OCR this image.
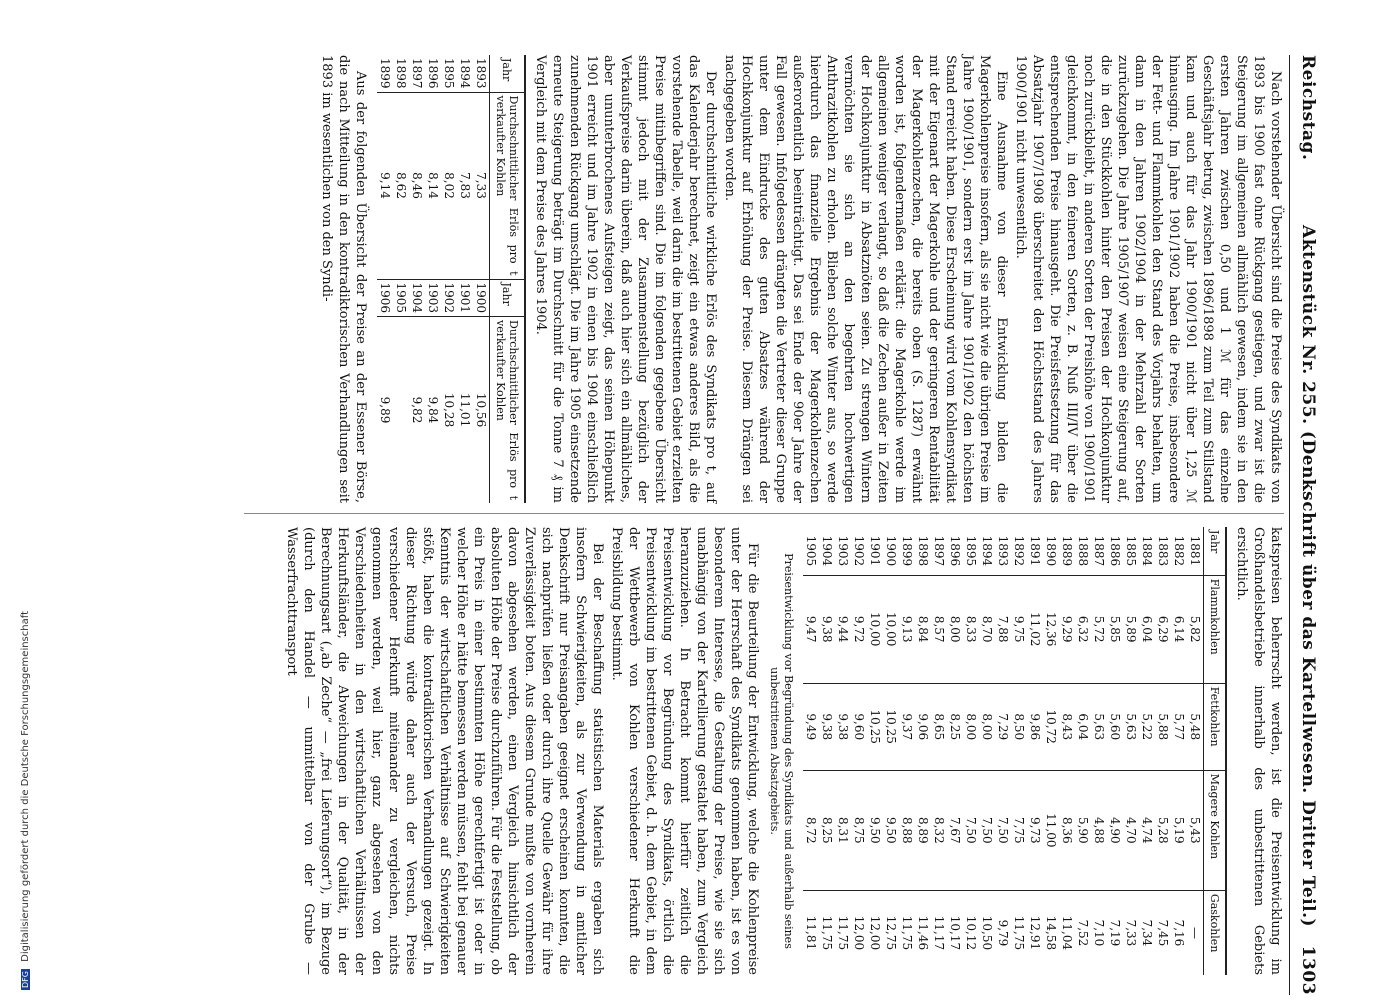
Reichstag.
Aktenstück Nr. 255. (Denkschrift über das Kartellwesen. Dritter Teil.)
1303

Nach vorstehender Übersicht sind die Preise des Syndikats von 1893 bis 1900 fast ohne Rückgang gestiegen, und zwar ist die Steigerung im allgemeinen allmählich gewesen, indem sie in den ersten Jahren zwischen 0,50 und 1 ℳ für das einzelne Geschäftsjahr betrug, zwischen 1896/1898 zum Teil zum Stillstand kam und auch für das Jahr 1900/1901 nicht über 1,25 ℳ hinausging. Im Jahre 1901/1902 haben die Preise, insbesondere der Fett- und Flammkohlen den Stand des Vorjahrs behalten, um dann in den Jahren 1902/1904 in der Mehrzahl der Sorten zurückzugehen. Die Jahre 1905/1907 weisen eine Steigerung auf, die in den Stückkohlen hinter den Preisen der Hochkonjunktur noch zurückbleibt, in anderen Sorten der Preishöhe von 1900/1901 gleichkommt, in den feineren Sorten, z. B. Nuß III/IV über die entsprechenden Preise hinausgeht. Die Preisfestsetzung für das Absatzjahr 1907/1908 überschreitet den Höchststand des Jahres 1900/1901 nicht unwesentlich.

Eine Ausnahme von dieser Entwicklung bilden die Magerkohlenpreise insofern, als sie nicht wie die übrigen Preise im Jahre 1900/1901, sondern erst im Jahre 1901/1902 den höchsten Stand erreicht haben. Diese Erscheinung wird vom Kohlensyndikat mit der Eigenart der Magerkohle und der geringeren Rentabilität der Magerkohlenzechen, die bereits oben (S. 1287) erwähnt worden ist, folgendermaßen erklärt: die Magerkohle werde im allgemeinen weniger verlangt, so daß die Zechen außer in Zeiten der Hochkonjunktur in Absatznöten seien. Zu strengen Wintern vermöchten sie sich an den begehrten hochwertigen Anthrazitkohlen zu erholen. Blieben solche Winter aus, so werde hierdurch das finanzielle Ergebnis der Magerkohlenzechen außerordentlich beeinträchtigt. Das sei Ende der 90er Jahre der Fall gewesen. Infolgedessen drängten die Vertreter dieser Gruppe unter dem Eindrucke des guten Absatzes während der Hochkonjunktur auf Erhöhung der Preise. Diesem Drängen sei nachgegeben worden.

Der durchschnittliche wirkliche Erlös des Syndikats pro t, auf das Kalenderjahr berechnet, zeigt ein etwas anderes Bild, als die vorstehende Tabelle, weil darin die im bestrittenen Gebiet erzielten Preise mitinbegriffen sind. Die im folgenden gegebene Übersicht stimmt jedoch mit der Zusammenstellung bezüglich der Verkaufspreise darin überein, daß auch hier sich ein allmähliches, aber ununterbrochenes Aufsteigen zeigt, das seinen Höhepunkt 1901 erreicht und im Jahre 1902 in einen bis 1904 einschließlich zunehmenden Rückgang umschlägt. Die im Jahre 1905 einsetzende erneute Steigerung beträgt im Durchschnitt für die Tonne 7 ₰ im Vergleich mit dem Preise des Jahres 1904.

Jahr	Durchschnittlicher Erlös pro t verkaufter Kohlen	Jahr	Durchschnittlicher Erlös pro t verkaufter Kohlen
1893	7,33	1900	10,56
1894	7,83	1901	11,01
1895	8,02	1902	10,28
1896	8,14	1903	9,84
1897	8,46	1904	9,82
1898	8,62	1905	
1899	9,14	1906	9,89

Aus der folgenden Übersicht der Preise an der Essener Börse, die nach Mitteilung in den kontradiktorischen Verhandlungen seit 1893 im wesentlichen von den Syndi-

katspreisen beherrscht werden, ist die Preisentwicklung im Großhandelsbetriebe innerhalb des unbestrittenen Gebiets ersichtlich.

Jahr	Flammkohlen	Fettkohlen	Magere Kohlen	Gaskohlen
1881	5,82	5,48	5,43	—
1882	6,14	5,77	5,19	7,16
1883	6,29	5,88	5,28	7,45
1884	6,04	5,22	4,74	7,34
1885	5,89	5,63	4,70	7,33
1886	5,85	5,60	4,90	7,19
1887	5,72	5,63	4,88	7,10
1888	6,32	6,04	5,90	7,52
1889	9,29	8,43	8,36	11,04
1890	12,36	10,72	11,00	14,58
1891	11,02	9,86	9,73	12,91
1892	9,75	8,50	7,75	11,75
1893	7,88	7,29	7,50	9,79
1894	8,70	8,00	7,50	10,50
1895	8,33	8,00	7,50	10,12
1896	8,00	8,25	7,67	10,17
1897	8,57	8,65	8,32	11,17
1898	8,84	9,06	8,89	11,46
1899	9,13	9,37	8,88	11,75
1900	10,00	10,25	9,50	12,75
1901	10,00	10,25	9,50	12,00
1902	9,72	9,60	8,75	12,00
1903	9,44	9,38	8,31	11,75
1904	9,38	9,38	8,25	11,75
1905	9,47	9,49	8,72	11,81

Preisentwicklung vor Begründung des Syndikats und außerhalb seines unbestrittenen Absatzgebiets.

Für die Beurteilung der Entwicklung, welche die Kohlenpreise unter der Herrschaft des Syndikats genommen haben, ist es von besonderem Interesse, die Gestaltung der Preise, wie sie sich unabhängig von der Kartellierung gestaltet haben, zum Vergleich heranzuziehen. In Betracht kommt hierfür zeitlich die Preisentwicklung vor Begründung des Syndikats, örtlich die Preisentwicklung im bestrittenen Gebiet, d. h. dem Gebiet, in dem der Wettbewerb von Kohlen verschiedener Herkunft die Preisbildung bestimmt.

Bei der Beschaffung statistischen Materials ergaben sich insofern Schwierigkeiten, als zur Verwendung in amtlicher Denkschrift nur Preisangaben geeignet erscheinen konnten, die sich nachprüfen ließen oder durch ihre Quelle Gewähr für ihre Zuverlässigkeit boten. Aus diesem Grunde mußte von vornherein davon abgesehen werden, einen Vergleich hinsichtlich der absoluten Höhe der Preise durchzuführen. Für die Feststellung, ob ein Preis in einer bestimmten Höhe gerechtfertigt ist oder in welcher Höhe er hätte bemessen werden müssen, fehlt bei genauer Kenntnis der wirtschaftlichen Verhältnisse auf Schwierigkeiten stößt, haben die kontradiktorischen Verhandlungen gezeigt. In dieser Richtung würde daher auch der Versuch, Preise verschiedener Herkunft miteinander zu vergleichen, nichts genommen werden, weil hier, ganz abgesehen von den Verschiedenheiten in den wirtschaftlichen Verhältnissen der Herkunftsländer, die Abweichungen in der Qualität, in der Berechnungsart („ab Zeche“ — „frei Lieferungsort“), im Bezuge (durch den Handel — unmittelbar von der Grube — Wasserfrachttransport

DFG Digitalisierung gefördert durch die Deutsche Forschungsgemeinschaft
